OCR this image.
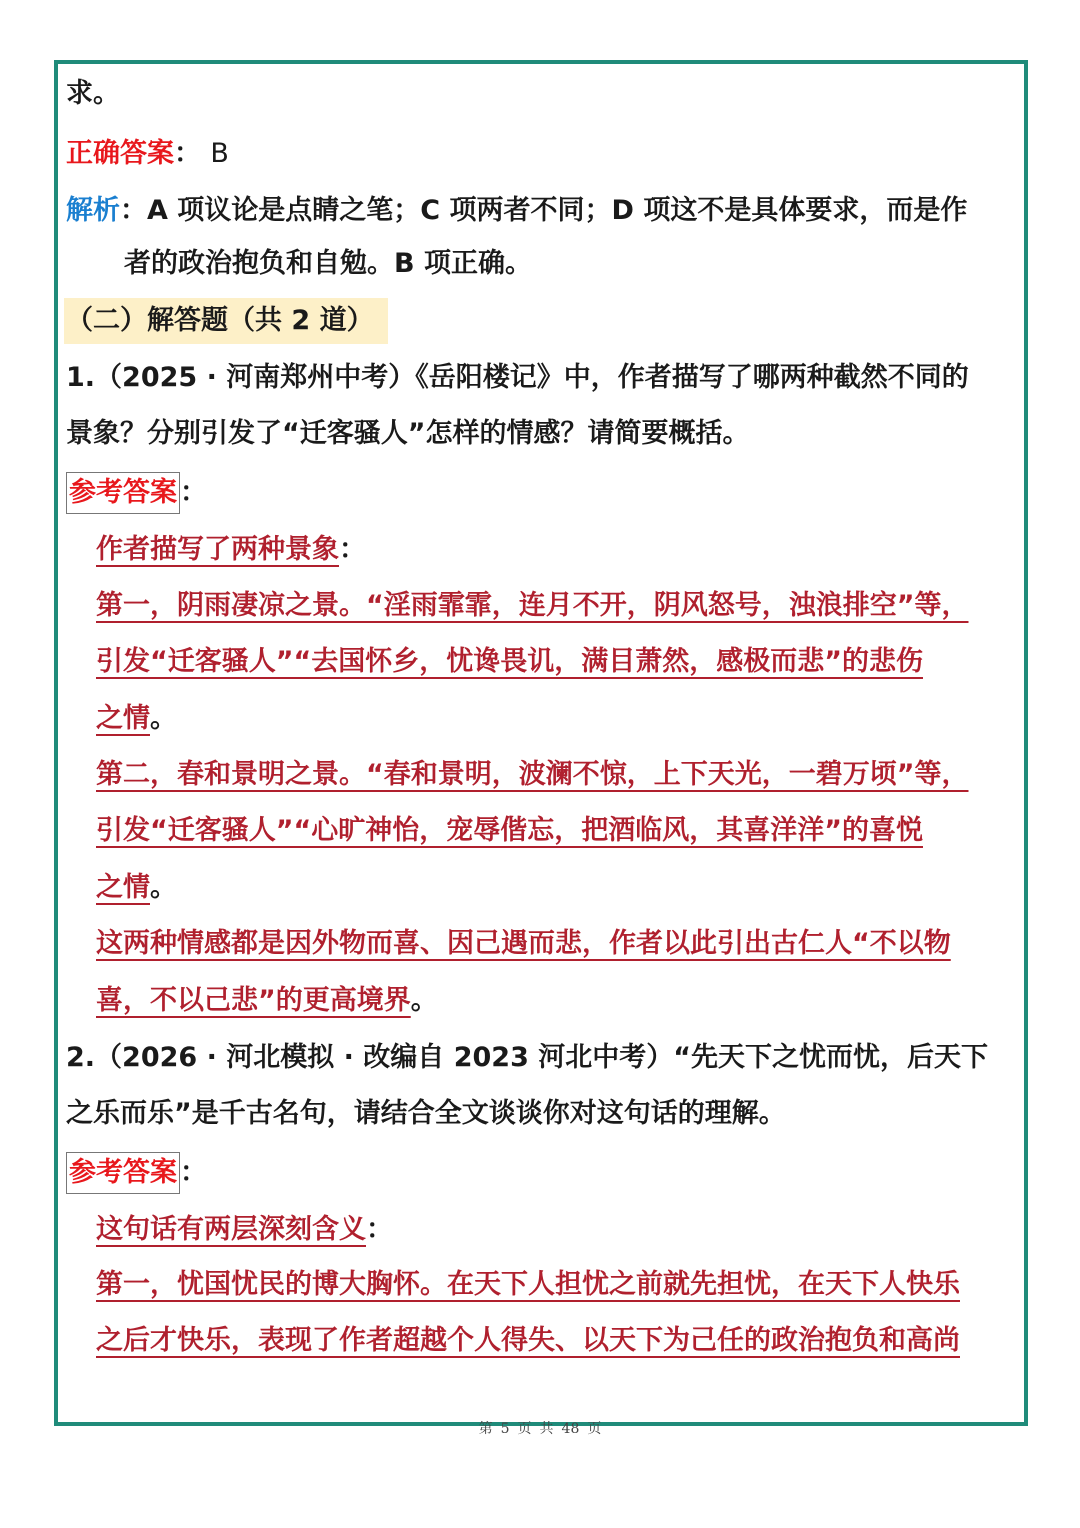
求。
正确答案： B
解析：A 项议论是点睛之笔；C 项两者不同；D 项这不是具体要求，而是作
者的政治抱负和自勉。B 项正确。
（二）解答题（共 2 道）
1.（2025 · 河南郑州中考）《岳阳楼记》中，作者描写了哪两种截然不同的
景象？分别引发了“迁客骚人”怎样的情感？请简要概括。
参考答案 ：
作者描写了两种景象：
第一，阴雨凄凉之景。“淫雨霏霏，连月不开，阴风怒号，浊浪排空”等，
引发“迁客骚人”“去国怀乡，忧谗畏讥，满目萧然，感极而悲”的悲伤
之情。
第二，春和景明之景。“春和景明，波澜不惊，上下天光，一碧万顷”等，
引发“迁客骚人”“心旷神怡，宠辱偕忘，把酒临风，其喜洋洋”的喜悦
之情。
这两种情感都是因外物而喜、因己遇而悲，作者以此引出古仁人“不以物
喜，不以己悲”的更高境界。
2.（2026 · 河北模拟 · 改编自 2023 河北中考）“先天下之忧而忧，后天下
之乐而乐”是千古名句，请结合全文谈谈你对这句话的理解。
参考答案 ：
这句话有两层深刻含义：
第一，忧国忧民的博大胸怀。在天下人担忧之前就先担忧，在天下人快乐
之后才快乐，表现了作者超越个人得失、以天下为己任的政治抱负和高尚
第 5 页 共 48 页
